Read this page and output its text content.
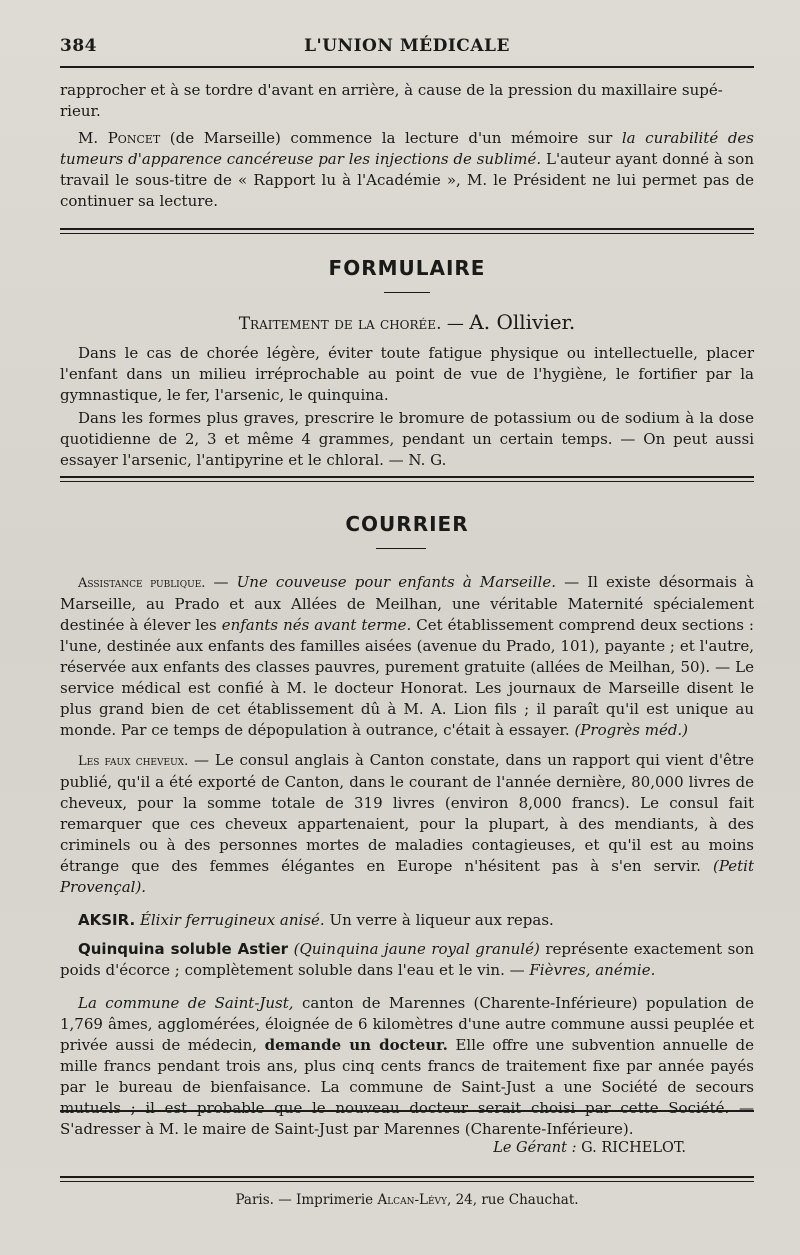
384	L'UNION MÉDICALE

rapprocher et à se tordre d'avant en arrière, à cause de la pression du maxillaire supé-
rieur.

M. Poncet (de Marseille) commence la lecture d'un mémoire sur la curabilité des tumeurs d'apparence cancéreuse par les injections de sublimé. L'auteur ayant donné à son travail le sous-titre de « Rapport lu à l'Académie », M. le Président ne lui permet pas de continuer sa lecture.

FORMULAIRE
Traitement de la chorée. — A. Ollivier.

Dans le cas de chorée légère, éviter toute fatigue physique ou intellectuelle, placer l'enfant dans un milieu irréprochable au point de vue de l'hygiène, le fortifier par la gymnastique, le fer, l'arsenic, le quinquina.

Dans les formes plus graves, prescrire le bromure de potassium ou de sodium à la dose quotidienne de 2, 3 et même 4 grammes, pendant un certain temps. — On peut aussi essayer l'arsenic, l'antipyrine et le chloral. — N. G.

COURRIER

Assistance publique. — Une couveuse pour enfants à Marseille. — Il existe désormais à Marseille, au Prado et aux Allées de Meilhan, une véritable Maternité spécialement destinée à élever les enfants nés avant terme. Cet établissement comprend deux sections : l'une, destinée aux enfants des familles aisées (avenue du Prado, 101), payante ; et l'autre, réservée aux enfants des classes pauvres, purement gratuite (allées de Meilhan, 50). — Le service médical est confié à M. le docteur Honorat. Les journaux de Marseille disent le plus grand bien de cet établissement dû à M. A. Lion fils ; il paraît qu'il est unique au monde. Par ce temps de dépopulation à outrance, c'était à essayer. (Progrès méd.)

Les faux cheveux. — Le consul anglais à Canton constate, dans un rapport qui vient d'être publié, qu'il a été exporté de Canton, dans le courant de l'année dernière, 80,000 livres de cheveux, pour la somme totale de 319 livres (environ 8,000 francs). Le consul fait remarquer que ces cheveux appartenaient, pour la plupart, à des mendiants, à des criminels ou à des personnes mortes de maladies contagieuses, et qu'il est au moins étrange que des femmes élégantes en Europe n'hésitent pas à s'en servir. (Petit Provençal).

AKSIR. Élixir ferrugineux anisé. Un verre à liqueur aux repas.

Quinquina soluble Astier (Quinquina jaune royal granulé) représente exactement son poids d'écorce ; complètement soluble dans l'eau et le vin. — Fièvres, anémie.

La commune de Saint-Just, canton de Marennes (Charente-Inférieure) population de 1,769 âmes, agglomérées, éloignée de 6 kilomètres d'une autre commune aussi peuplée et privée aussi de médecin, demande un docteur. Elle offre une subvention annuelle de mille francs pendant trois ans, plus cinq cents francs de traitement fixe par année payés par le bureau de bienfaisance. La commune de Saint-Just a une Société de secours mutuels ; il est probable que le nouveau docteur serait choisi par cette Société. — S'adresser à M. le maire de Saint-Just par Marennes (Charente-Inférieure).

Le Gérant : G. RICHELOT.
Paris. — Imprimerie Alcan-Lévy, 24, rue Chauchat.
